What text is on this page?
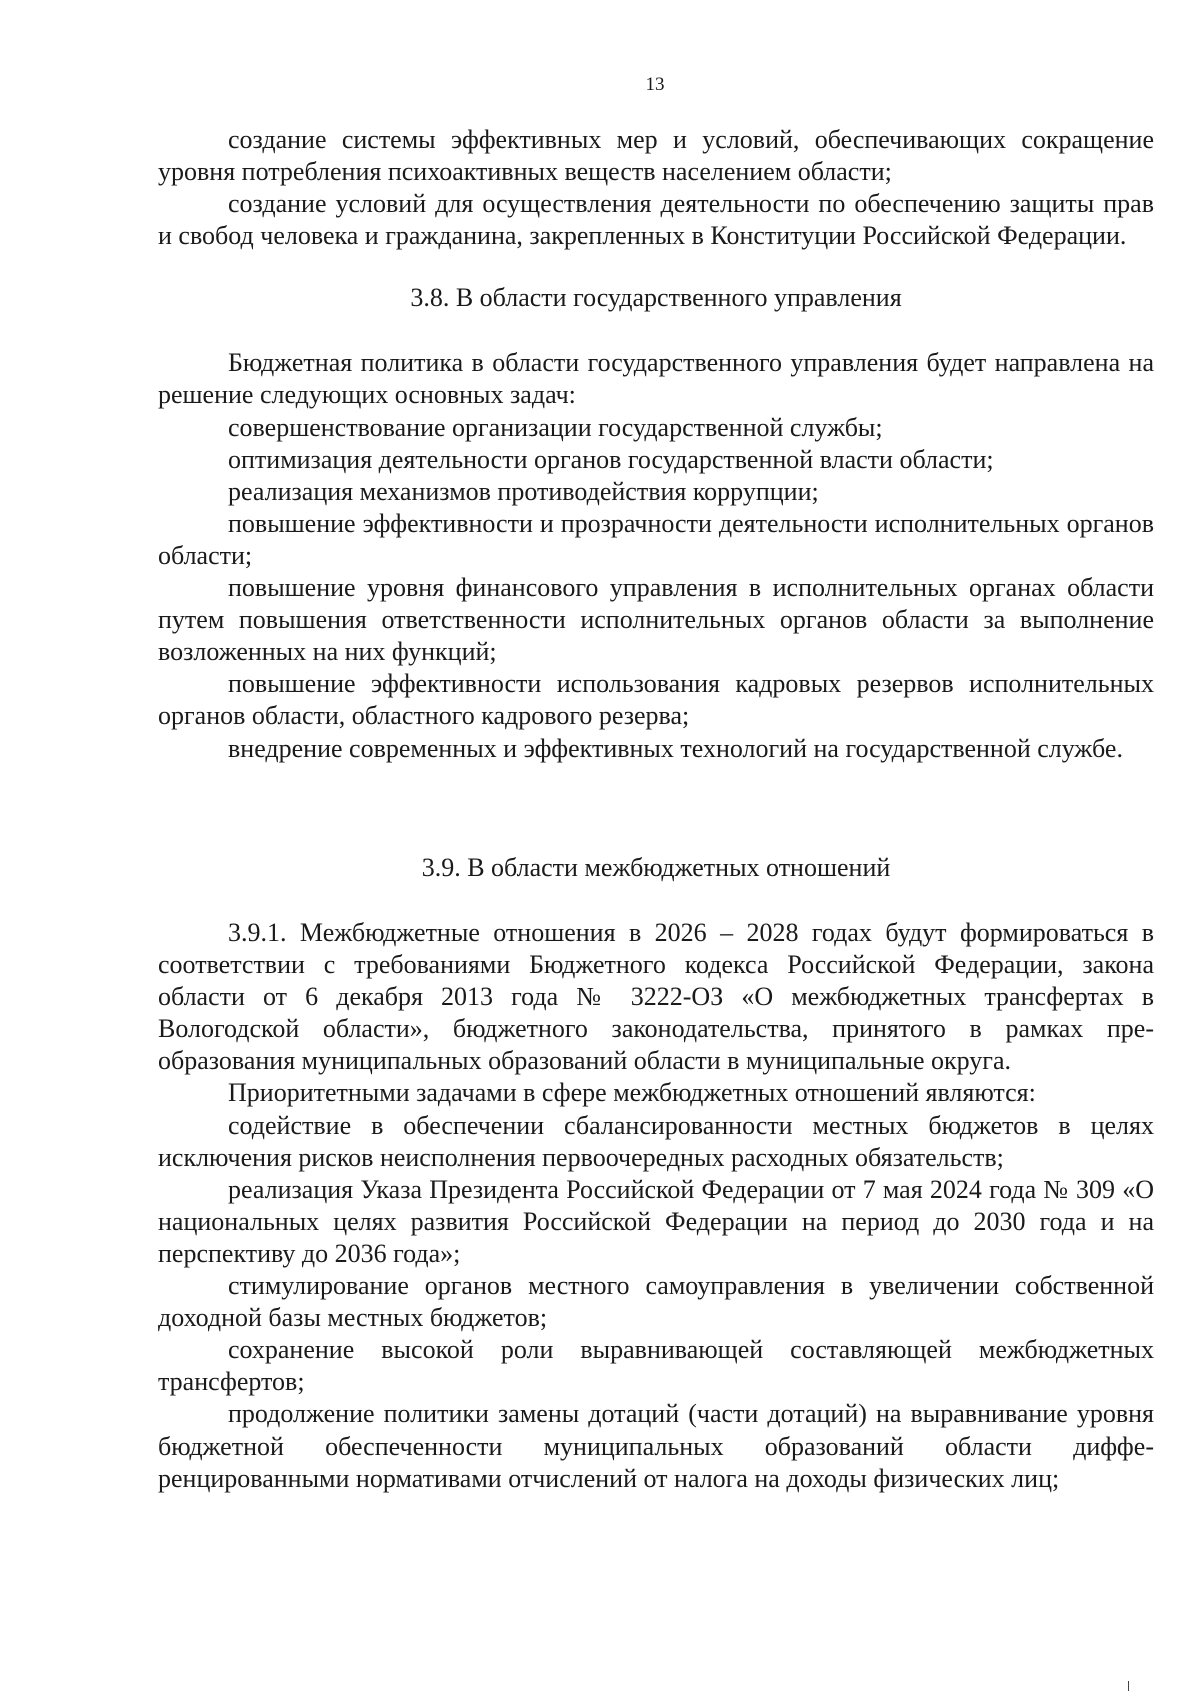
13

создание системы эффективных мер и условий, обеспечивающих сокращение уровня потребления психоактивных веществ населением области;

создание условий для осуществления деятельности по обеспечению защиты прав и свобод человека и гражданина, закрепленных в Конституции Российской Федерации.

3.8. В области государственного управления

Бюджетная политика в области государственного управления будет направлена на решение следующих основных задач:

совершенствование организации государственной службы;

оптимизация деятельности органов государственной власти области;

реализация механизмов противодействия коррупции;

повышение эффективности и прозрачности деятельности исполнительных органов области;

повышение уровня финансового управления в исполнительных органах области путем повышения ответственности исполнительных органов области за выполнение возложенных на них функций;

повышение эффективности использования кадровых резервов исполнительных органов области, областного кадрового резерва;

внедрение современных и эффективных технологий на государственной службе.

3.9. В области межбюджетных отношений

3.9.1. Межбюджетные отношения в 2026 – 2028 годах будут формироваться в соответствии с требованиями Бюджетного кодекса Российской Федерации, закона области от 6 декабря 2013 года № 3222-ОЗ «О межбюджетных трансфертах в Вологодской области», бюджетного законодательства, принятого в рамках преобразования муниципальных образований области в муниципальные округа.

Приоритетными задачами в сфере межбюджетных отношений являются:

содействие в обеспечении сбалансированности местных бюджетов в целях исключения рисков неисполнения первоочередных расходных обязательств;

реализация Указа Президента Российской Федерации от 7 мая 2024 года № 309 «О национальных целях развития Российской Федерации на период до 2030 года и на перспективу до 2036 года»;

стимулирование органов местного самоуправления в увеличении собственной доходной базы местных бюджетов;

сохранение высокой роли выравнивающей составляющей межбюджетных трансфертов;

продолжение политики замены дотаций (части дотаций) на выравнивание уровня бюджетной обеспеченности муниципальных образований области дифференцированными нормативами отчислений от налога на доходы физических лиц;
